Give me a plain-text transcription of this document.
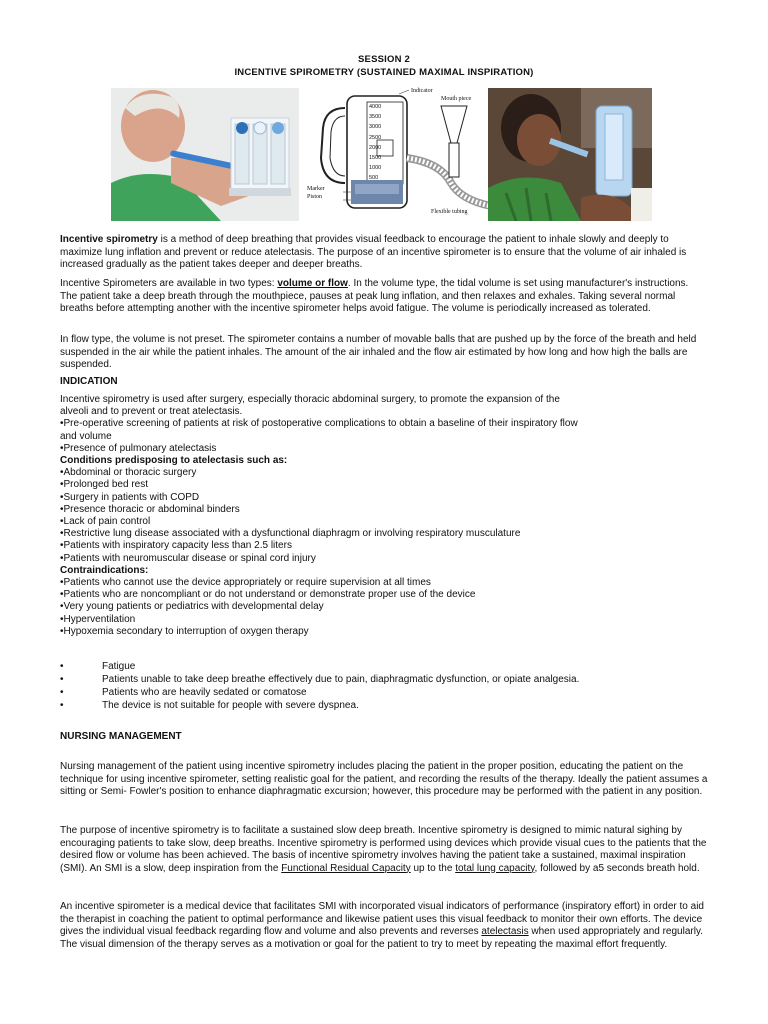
SESSION 2
INCENTIVE SPIROMETRY (SUSTAINED MAXIMAL INSPIRATION)
Indicator
Mouth piece
Marker
Piston
Flexible tubing
4000
3500
3000
2500
2000
1500
1000
500

Incentive spirometry is a method of deep breathing that provides visual feedback to encourage the patient to inhale slowly and deeply to maximize lung inflation and prevent or reduce atelectasis. The purpose of an incentive spirometer is to ensure that the volume of air inhaled is increased gradually as the patient takes deeper and deeper breaths.

Incentive Spirometers are available in two types: volume or flow. In the volume type, the tidal volume is set using manufacturer's instructions. The patient take a deep breath through the mouthpiece, pauses at peak lung inflation, and then relaxes and exhales. Taking several normal breaths before attempting another with the incentive spirometer helps avoid fatigue. The volume is periodically increased as tolerated.

In flow type, the volume is not preset. The spirometer contains a number of movable balls that are pushed up by the force of the breath and held suspended in the air while the patient inhales. The amount of the air inhaled and the flow air estimated by how long and how high the balls are suspended.

INDICATION
Incentive spirometry is used after surgery, especially thoracic abdominal surgery, to promote the expansion of the
alveoli and to prevent or treat atelectasis.
•Pre-operative screening of patients at risk of postoperative complications to obtain a baseline of their inspiratory flow
and volume
•Presence of pulmonary atelectasis
Conditions predisposing to atelectasis such as:
•Abdominal or thoracic surgery
•Prolonged bed rest
•Surgery in patients with COPD
•Presence thoracic or abdominal binders
•Lack of pain control
•Restrictive lung disease associated with a dysfunctional diaphragm or involving respiratory musculature
•Patients with inspiratory capacity less than 2.5 liters
•Patients with neuromuscular disease or spinal cord injury
Contraindications:
•Patients who cannot use the device appropriately or require supervision at all times
•Patients who are noncompliant or do not understand or demonstrate proper use of the device
•Very young patients or pediatrics with developmental delay
•Hyperventilation
•Hypoxemia secondary to interruption of oxygen therapy
•	Fatigue
•	Patients unable to take deep breathe effectively due to pain, diaphragmatic dysfunction, or opiate analgesia.
•	Patients who are heavily sedated or comatose
•	The device is not suitable for people with severe dyspnea.
NURSING MANAGEMENT

Nursing management of the patient using incentive spirometry includes placing the patient in the proper position, educating the patient on the technique for using incentive spirometer, setting realistic goal for the patient, and recording the results of the therapy. Ideally the patient assumes a sitting or Semi- Fowler's position to enhance diaphragmatic excursion; however, this procedure may be performed with the patient in any position.

The purpose of incentive spirometry is to facilitate a sustained slow deep breath. Incentive spirometry is designed to mimic natural sighing by encouraging patients to take slow, deep breaths. Incentive spirometry is performed using devices which provide visual cues to the patients that the desired flow or volume has been achieved. The basis of incentive spirometry involves having the patient take a sustained, maximal inspiration (SMI). An SMI is a slow, deep inspiration from the Functional Residual Capacity up to the total lung capacity, followed by a5 seconds breath hold.

An incentive spirometer is a medical device that facilitates SMI with incorporated visual indicators of performance (inspiratory effort) in order to aid the therapist in coaching the patient to optimal performance and likewise patient uses this visual feedback to monitor their own efforts. The device gives the individual visual feedback regarding flow and volume and also prevents and reverses atelectasis when used appropriately and regularly. The visual dimension of the therapy serves as a motivation or goal for the patient to try to meet by repeating the maximal effort frequently.
